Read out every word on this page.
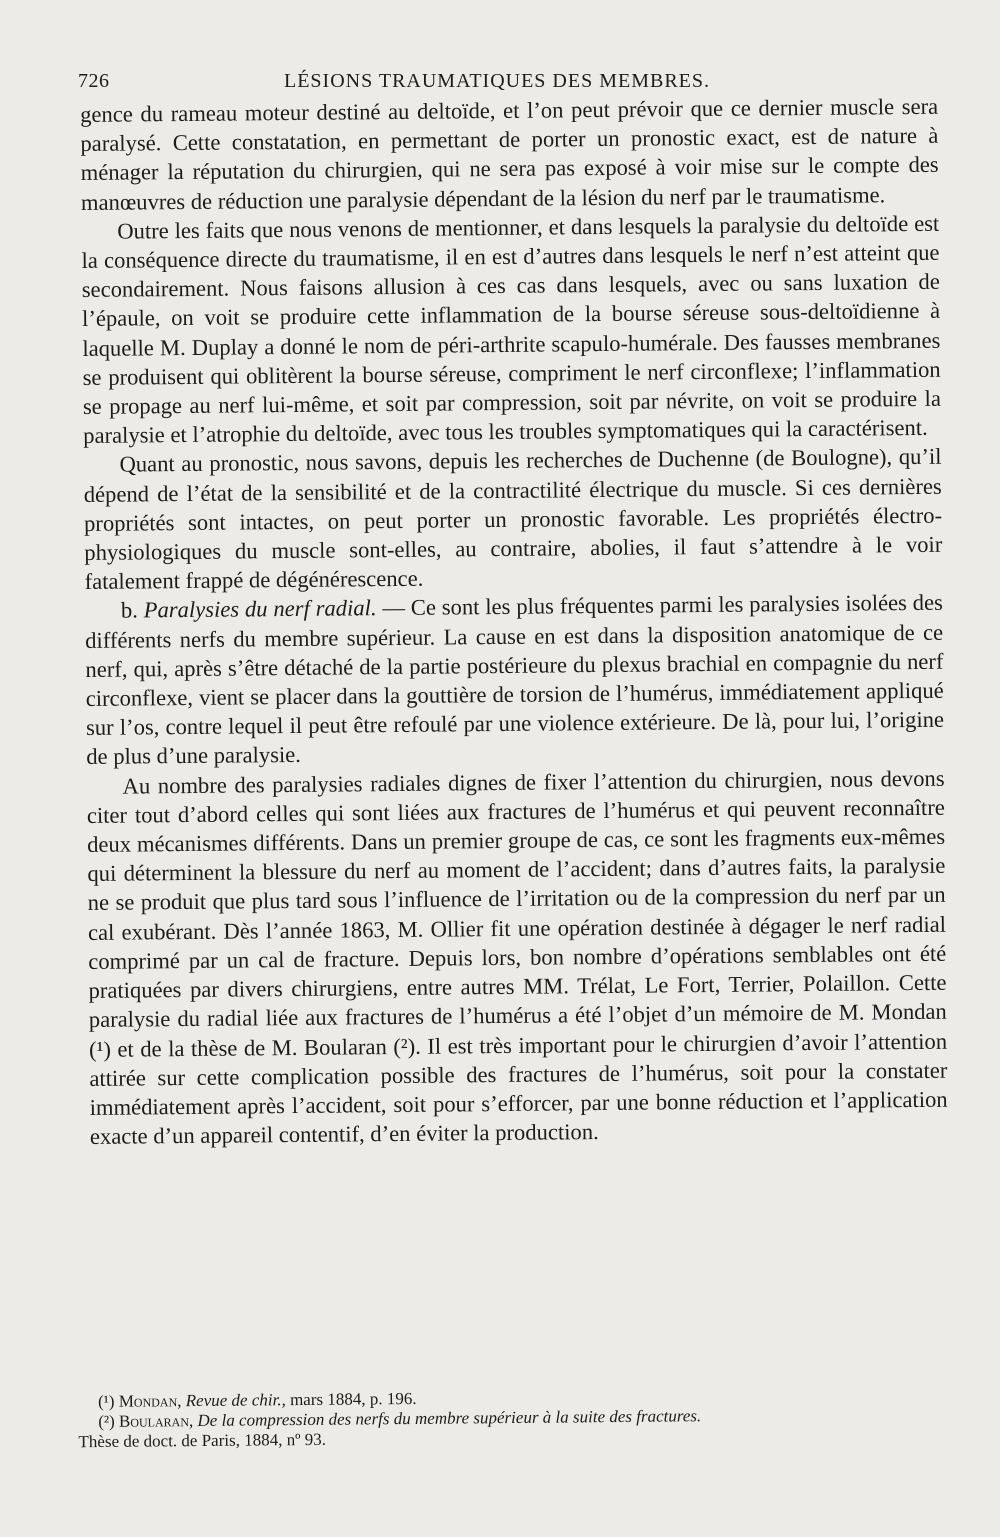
726	LÉSIONS TRAUMATIQUES DES MEMBRES.

gence du rameau moteur destiné au deltoïde, et l’on peut prévoir que ce dernier muscle sera paralysé. Cette constatation, en permettant de porter un pronostic exact, est de nature à ménager la réputation du chirurgien, qui ne sera pas exposé à voir mise sur le compte des manœuvres de réduction une paralysie dépendant de la lésion du nerf par le traumatisme.

Outre les faits que nous venons de mentionner, et dans lesquels la paralysie du deltoïde est la conséquence directe du traumatisme, il en est d’autres dans lesquels le nerf n’est atteint que secondairement. Nous faisons allusion à ces cas dans lesquels, avec ou sans luxation de l’épaule, on voit se produire cette inflammation de la bourse séreuse sous-deltoïdienne à laquelle M. Duplay a donné le nom de péri-arthrite scapulo-humérale. Des fausses membranes se produisent qui oblitèrent la bourse séreuse, compriment le nerf circonflexe; l’inflammation se propage au nerf lui-même, et soit par compression, soit par névrite, on voit se produire la paralysie et l’atrophie du deltoïde, avec tous les troubles symptomatiques qui la caractérisent.

Quant au pronostic, nous savons, depuis les recherches de Duchenne (de Boulogne), qu’il dépend de l’état de la sensibilité et de la contractilité électrique du muscle. Si ces dernières propriétés sont intactes, on peut porter un pronostic favorable. Les propriétés électro-physiologiques du muscle sont-elles, au contraire, abolies, il faut s’attendre à le voir fatalement frappé de dégénérescence.

b. Paralysies du nerf radial. — Ce sont les plus fréquentes parmi les paralysies isolées des différents nerfs du membre supérieur. La cause en est dans la disposition anatomique de ce nerf, qui, après s’être détaché de la partie postérieure du plexus brachial en compagnie du nerf circonflexe, vient se placer dans la gouttière de torsion de l’humérus, immédiatement appliqué sur l’os, contre lequel il peut être refoulé par une violence extérieure. De là, pour lui, l’origine de plus d’une paralysie.

Au nombre des paralysies radiales dignes de fixer l’attention du chirurgien, nous devons citer tout d’abord celles qui sont liées aux fractures de l’humérus et qui peuvent reconnaître deux mécanismes différents. Dans un premier groupe de cas, ce sont les fragments eux-mêmes qui déterminent la blessure du nerf au moment de l’accident; dans d’autres faits, la paralysie ne se produit que plus tard sous l’influence de l’irritation ou de la compression du nerf par un cal exubérant. Dès l’année 1863, M. Ollier fit une opération destinée à dégager le nerf radial comprimé par un cal de fracture. Depuis lors, bon nombre d’opérations semblables ont été pratiquées par divers chirurgiens, entre autres MM. Trélat, Le Fort, Terrier, Polaillon. Cette paralysie du radial liée aux fractures de l’humérus a été l’objet d’un mémoire de M. Mondan (¹) et de la thèse de M. Boularan (²). Il est très important pour le chirurgien d’avoir l’attention attirée sur cette complication possible des fractures de l’humérus, soit pour la constater immédiatement après l’accident, soit pour s’efforcer, par une bonne réduction et l’application exacte d’un appareil contentif, d’en éviter la production.

(¹) Mondan, Revue de chir., mars 1884, p. 196.

(²) Boularan, De la compression des nerfs du membre supérieur à la suite des fractures.

Thèse de doct. de Paris, 1884, nº 93.
